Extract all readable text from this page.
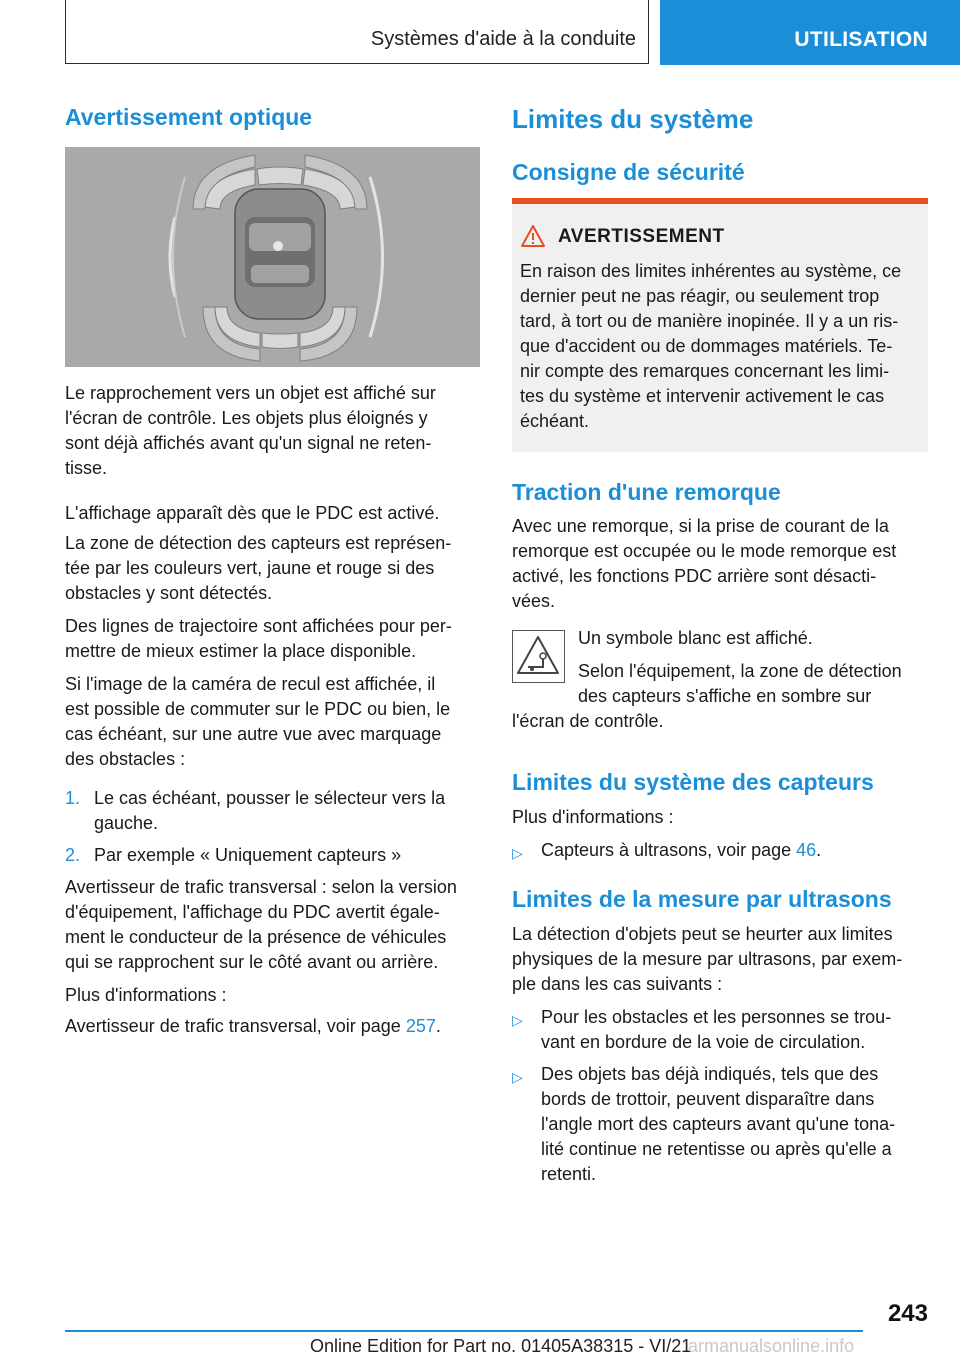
Systèmes d'aide à la conduite	UTILISATION
Avertissement optique
Le rapprochement vers un objet est affiché sur
l'écran de contrôle. Les objets plus éloignés y
sont déjà affichés avant qu'un signal ne reten-
tisse.
L'affichage apparaît dès que le PDC est activé.
La zone de détection des capteurs est représen-
tée par les couleurs vert, jaune et rouge si des
obstacles y sont détectés.
Des lignes de trajectoire sont affichées pour per-
mettre de mieux estimer la place disponible.
Si l'image de la caméra de recul est affichée, il
est possible de commuter sur le PDC ou bien, le
cas échéant, sur une autre vue avec marquage
des obstacles :
1. Le cas échéant, pousser le sélecteur vers la
gauche.
2. Par exemple « Uniquement capteurs »
Avertisseur de trafic transversal : selon la version
d'équipement, l'affichage du PDC avertit égale-
ment le conducteur de la présence de véhicules
qui se rapprochent sur le côté avant ou arrière.
Plus d'informations :
Avertisseur de trafic transversal, voir page 257.
Limites du système
Consigne de sécurité
AVERTISSEMENT
En raison des limites inhérentes au système, ce
dernier peut ne pas réagir, ou seulement trop
tard, à tort ou de manière inopinée. Il y a un ris-
que d'accident ou de dommages matériels. Te-
nir compte des remarques concernant les limi-
tes du système et intervenir activement le cas
échéant.
Traction d'une remorque
Avec une remorque, si la prise de courant de la
remorque est occupée ou le mode remorque est
activé, les fonctions PDC arrière sont désacti-
vées.
Un symbole blanc est affiché.
Selon l'équipement, la zone de détection
des capteurs s'affiche en sombre sur
l'écran de contrôle.
Limites du système des capteurs
Plus d'informations :
▷ Capteurs à ultrasons, voir page 46.
Limites de la mesure par ultrasons
La détection d'objets peut se heurter aux limites
physiques de la mesure par ultrasons, par exem-
ple dans les cas suivants :
▷ Pour les obstacles et les personnes se trou-
vant en bordure de la voie de circulation.
▷ Des objets bas déjà indiqués, tels que des
bords de trottoir, peuvent disparaître dans
l'angle mort des capteurs avant qu'une tona-
lité continue ne retentisse ou après qu'elle a
retenti.
243
Online Edition for Part no. 01405A38315 - VI/21
armanualsonline.info
